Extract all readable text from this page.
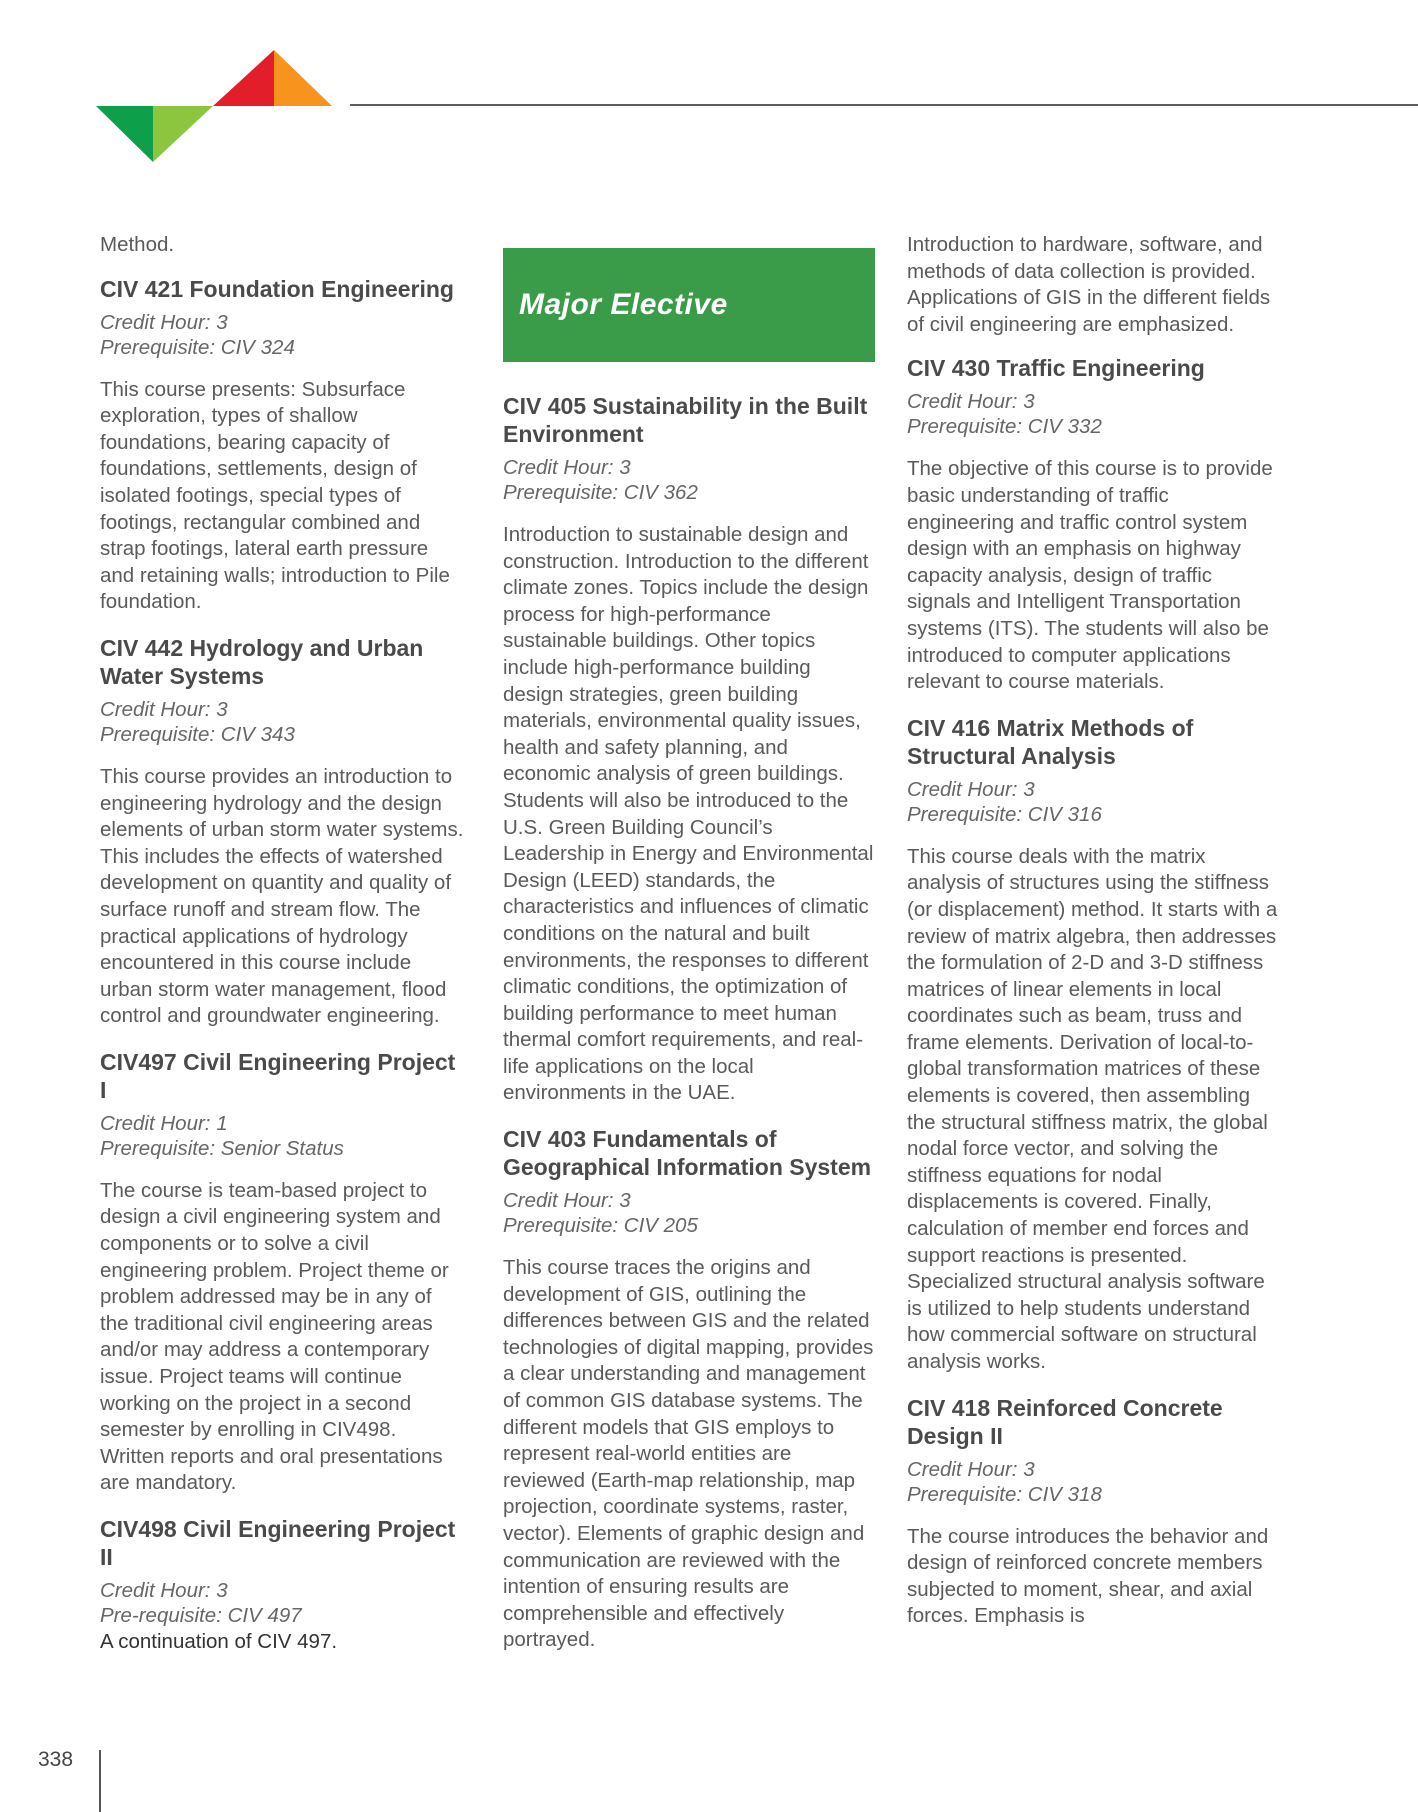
Method.

CIV 421 Foundation Engineering
Credit Hour: 3
Prerequisite: CIV 324

This course presents: Subsurface exploration, types of shallow foundations, bearing capacity of foundations, settlements, design of isolated footings, special types of footings, rectangular combined and strap footings, lateral earth pressure and retaining walls; introduction to Pile foundation.

CIV 442 Hydrology and Urban Water Systems
Credit Hour: 3
Prerequisite: CIV 343

This course provides an introduction to engineering hydrology and the design elements of urban storm water systems. This includes the effects of watershed development on quantity and quality of surface runoff and stream flow. The practical applications of hydrology encountered in this course include urban storm water management, flood control and groundwater engineering.

CIV497 Civil Engineering Project I
Credit Hour: 1
Prerequisite: Senior Status

The course is team-based project to design a civil engineering system and components or to solve a civil engineering problem. Project theme or problem addressed may be in any of the traditional civil engineering areas and/or may address a contemporary issue. Project teams will continue working on the project in a second semester by enrolling in CIV498. Written reports and oral presentations are mandatory.

CIV498 Civil Engineering Project II
Credit Hour: 3
Pre-requisite: CIV 497

A continuation of CIV 497.

Major Elective
CIV 405 Sustainability in the Built Environment
Credit Hour: 3
Prerequisite: CIV 362

Introduction to sustainable design and construction. Introduction to the different climate zones. Topics include the design process for high-performance sustainable buildings. Other topics include high-performance building design strategies, green building materials, environmental quality issues, health and safety planning, and economic analysis of green buildings. Students will also be introduced to the U.S. Green Building Council’s Leadership in Energy and Environmental Design (LEED) standards, the characteristics and influences of climatic conditions on the natural and built environments, the responses to different climatic conditions, the optimization of building performance to meet human thermal comfort requirements, and real-life applications on the local environments in the UAE.

CIV 403 Fundamentals of Geographical Information System
Credit Hour: 3
Prerequisite: CIV 205

This course traces the origins and development of GIS, outlining the differences between GIS and the related technologies of digital mapping, provides a clear understanding and management of common GIS database systems. The different models that GIS employs to represent real-world entities are reviewed (Earth-map relationship, map projection, coordinate systems, raster, vector). Elements of graphic design and communication are reviewed with the intention of ensuring results are comprehensible and effectively portrayed.

Introduction to hardware, software, and methods of data collection is provided. Applications of GIS in the different fields of civil engineering are emphasized.

CIV 430 Traffic Engineering
Credit Hour: 3
Prerequisite: CIV 332

The objective of this course is to provide basic understanding of traffic engineering and traffic control system design with an emphasis on highway capacity analysis, design of traffic signals and Intelligent Transportation systems (ITS). The students will also be introduced to computer applications relevant to course materials.

CIV 416 Matrix Methods of Structural Analysis
Credit Hour: 3
Prerequisite: CIV 316

This course deals with the matrix analysis of structures using the stiffness (or displacement) method. It starts with a review of matrix algebra, then addresses the formulation of 2-D and 3-D stiffness matrices of linear elements in local coordinates such as beam, truss and frame elements. Derivation of local-to-global transformation matrices of these elements is covered, then assembling the structural stiffness matrix, the global nodal force vector, and solving the stiffness equations for nodal displacements is covered. Finally, calculation of member end forces and support reactions is presented. Specialized structural analysis software is utilized to help students understand how commercial software on structural analysis works.

CIV 418 Reinforced Concrete Design II
Credit Hour: 3
Prerequisite: CIV 318

The course introduces the behavior and design of reinforced concrete members subjected to moment, shear, and axial forces. Emphasis is

338
